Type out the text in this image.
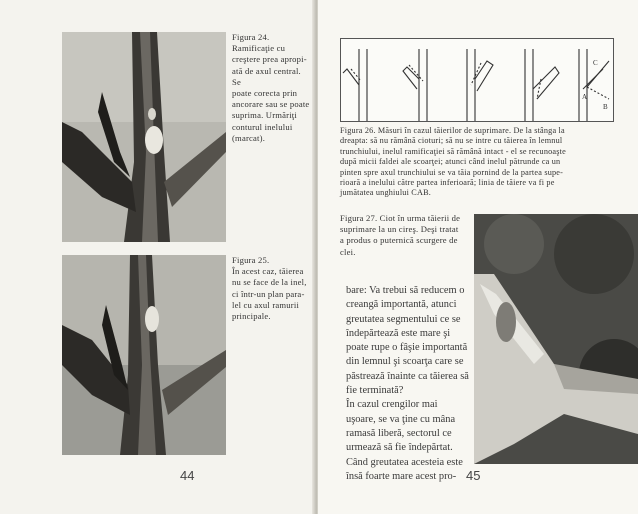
Figura 24.
Ramificaţie cu
creştere prea apropi-
ată de axul central. Se
poate corecta prin
ancorare sau se poate
suprima. Urmăriţi
conturul inelului
(marcat).
Figura 25.
În acest caz, tăierea
nu se face de la inel,
ci într-un plan para-
lel cu axul ramurii
principale.
44
C
A
B
Figura 26. Măsuri în cazul tăierilor de suprimare. De la stânga la
dreapta: să nu rămână cioturi; să nu se intre cu tăierea în lemnul
trunchiului, inelul ramificaţiei să rămână intact - el se recunoaşte
după micii faldei ale scoarţei; atunci când inelul pătrunde ca un
pinten spre axul trunchiului se va tăia pornind de la partea supe-
rioară a inelului către partea inferioară; linia de tăiere va fi pe
jumătatea unghiului CAB.
Figura 27. Ciot în urma tăierii de
suprimare la un cireş. Deşi tratat
a produs o puternică scurgere de
clei.
bare: Va trebui să reducem o
creangă importantă, atunci
greutatea segmentului ce se
îndepărtează este mare şi
poate rupe o fâşie importantă
din lemnul şi scoarţa care se
păstrează înainte ca tăierea să
fie terminată?
În cazul crengilor mai
uşoare, se va ţine cu mâna
ramasă liberă, sectorul ce
urmează să fie îndepărtat.
Când greutatea acesteia este
însă foarte mare acest pro- 45
